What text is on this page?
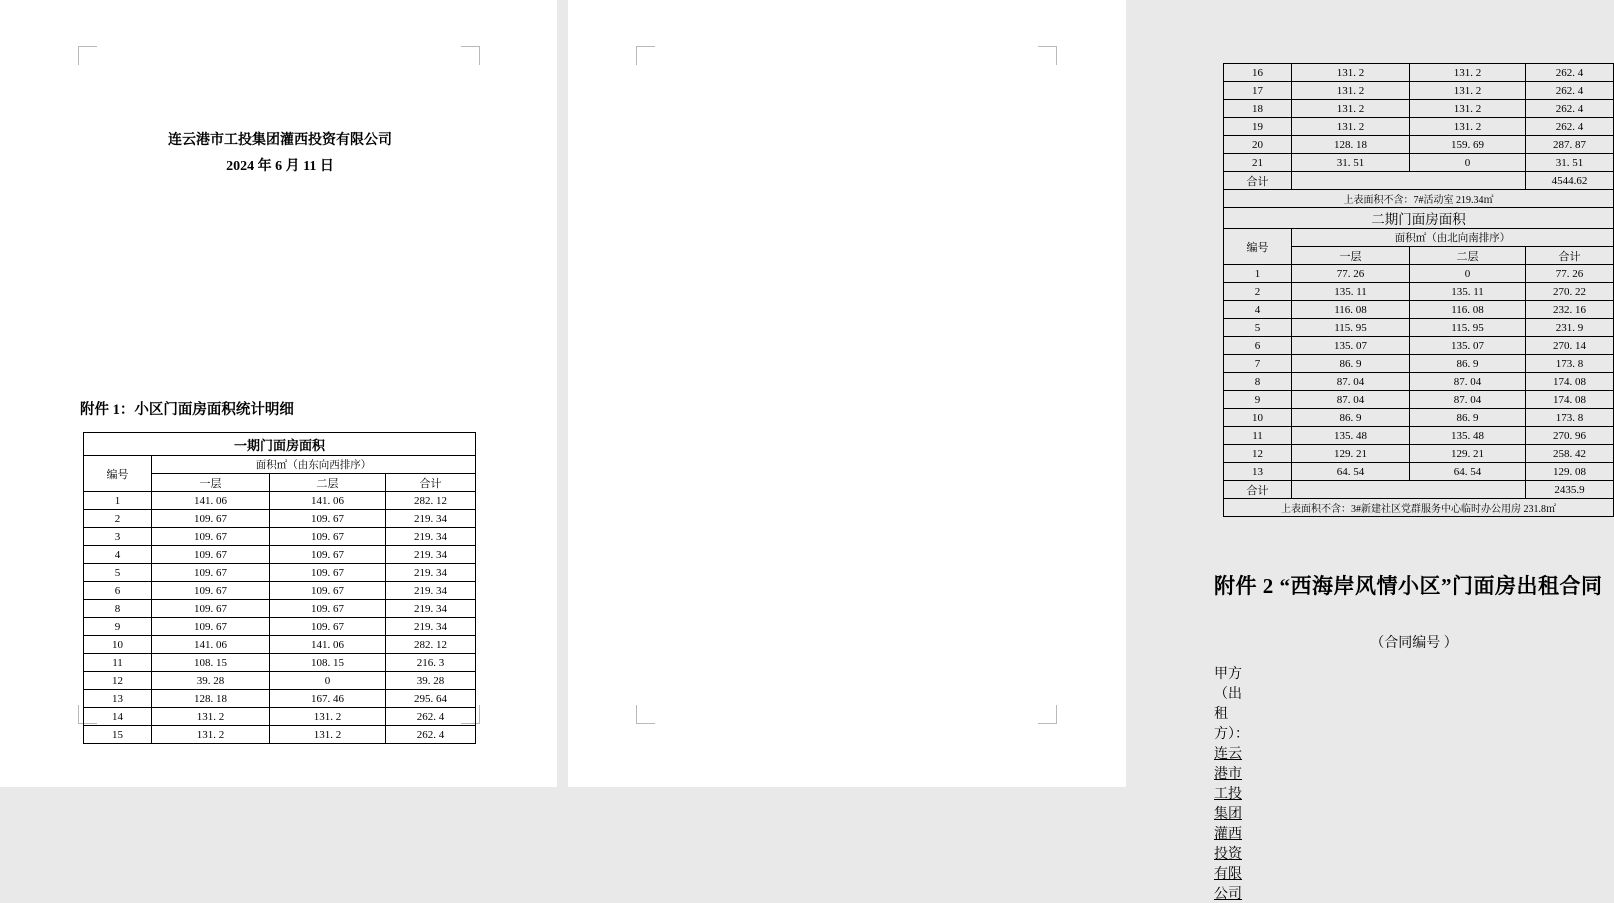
连云港市工投集团灌西投资有限公司
2024 年 6 月 11 日
附件 1：小区门面房面积统计明细
一期门面房面积			
编号	面积㎡（由东向西排序）		
	一层	二层	合计
1	141. 06	141. 06	282. 12
2	109. 67	109. 67	219. 34
3	109. 67	109. 67	219. 34
4	109. 67	109. 67	219. 34
5	109. 67	109. 67	219. 34
6	109. 67	109. 67	219. 34
8	109. 67	109. 67	219. 34
9	109. 67	109. 67	219. 34
10	141. 06	141. 06	282. 12
11	108. 15	108. 15	216. 3
12	39. 28	0	39. 28
13	128. 18	167. 46	295. 64
14	131. 2	131. 2	262. 4
15	131. 2	131. 2	262. 4
16	131. 2	131. 2	262. 4
17	131. 2	131. 2	262. 4
18	131. 2	131. 2	262. 4
19	131. 2	131. 2	262. 4
20	128. 18	159. 69	287. 87
21	31. 51	0	31. 51
合计			4544.62
上表面积不含：7#活动室 219.34㎡			
二期门面房面积			
编号	面积㎡（由北向南排序）		
	一层	二层	合计
1	77. 26	0	77. 26
2	135. 11	135. 11	270. 22
4	116. 08	116. 08	232. 16
5	115. 95	115. 95	231. 9
6	135. 07	135. 07	270. 14
7	86. 9	86. 9	173. 8
8	87. 04	87. 04	174. 08
9	87. 04	87. 04	174. 08
10	86. 9	86. 9	173. 8
11	135. 48	135. 48	270. 96
12	129. 21	129. 21	258. 42
13	64. 54	64. 54	129. 08
合计			2435.9
上表面积不含：3#新建社区党群服务中心临时办公用房 231.8㎡			
附件 2 “西海岸风情小区”门面房出租合同
（合同编号 ）
甲方（出租方）：连云港市工投集团灌西投资有限公司
